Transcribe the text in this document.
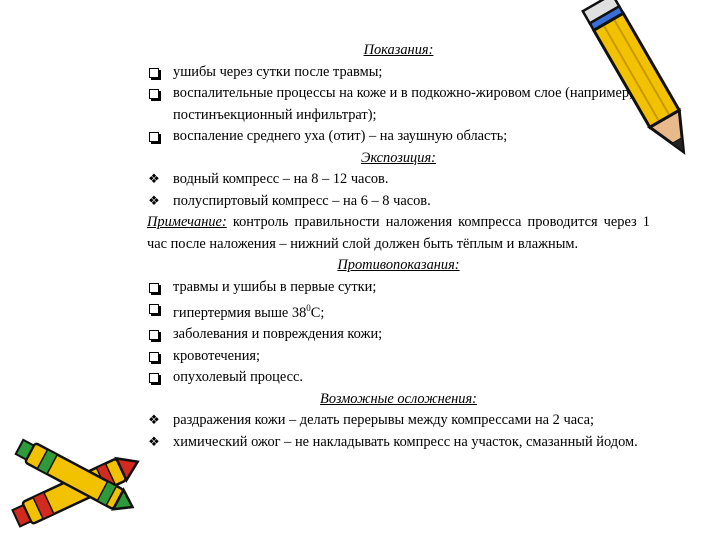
Показания:

ушибы через сутки после травмы;
воспалительные процессы на коже и в подкожно-жировом слое (например, постинъекционный инфильтрат);
воспаление среднего уха (отит) – на заушную область;

Экспозиция:

❖ водный компресс – на 8 – 12 часов.
❖ полуспиртовый компресс – на 6 – 8 часов.

Примечание: контроль правильности наложения компресса проводится через 1 час после наложения – нижний слой должен быть тёплым и влажным.

Противопоказания:

травмы и ушибы в первые сутки;
гипертермия выше $38^0С$;
заболевания и повреждения кожи;
кровотечения;
опухолевый процесс.

Возможные осложнения:

❖ раздражения кожи – делать перерывы между компрессами на 2 часа;
❖ химический ожог – не накладывать компресс на участок, смазанный йодом.
